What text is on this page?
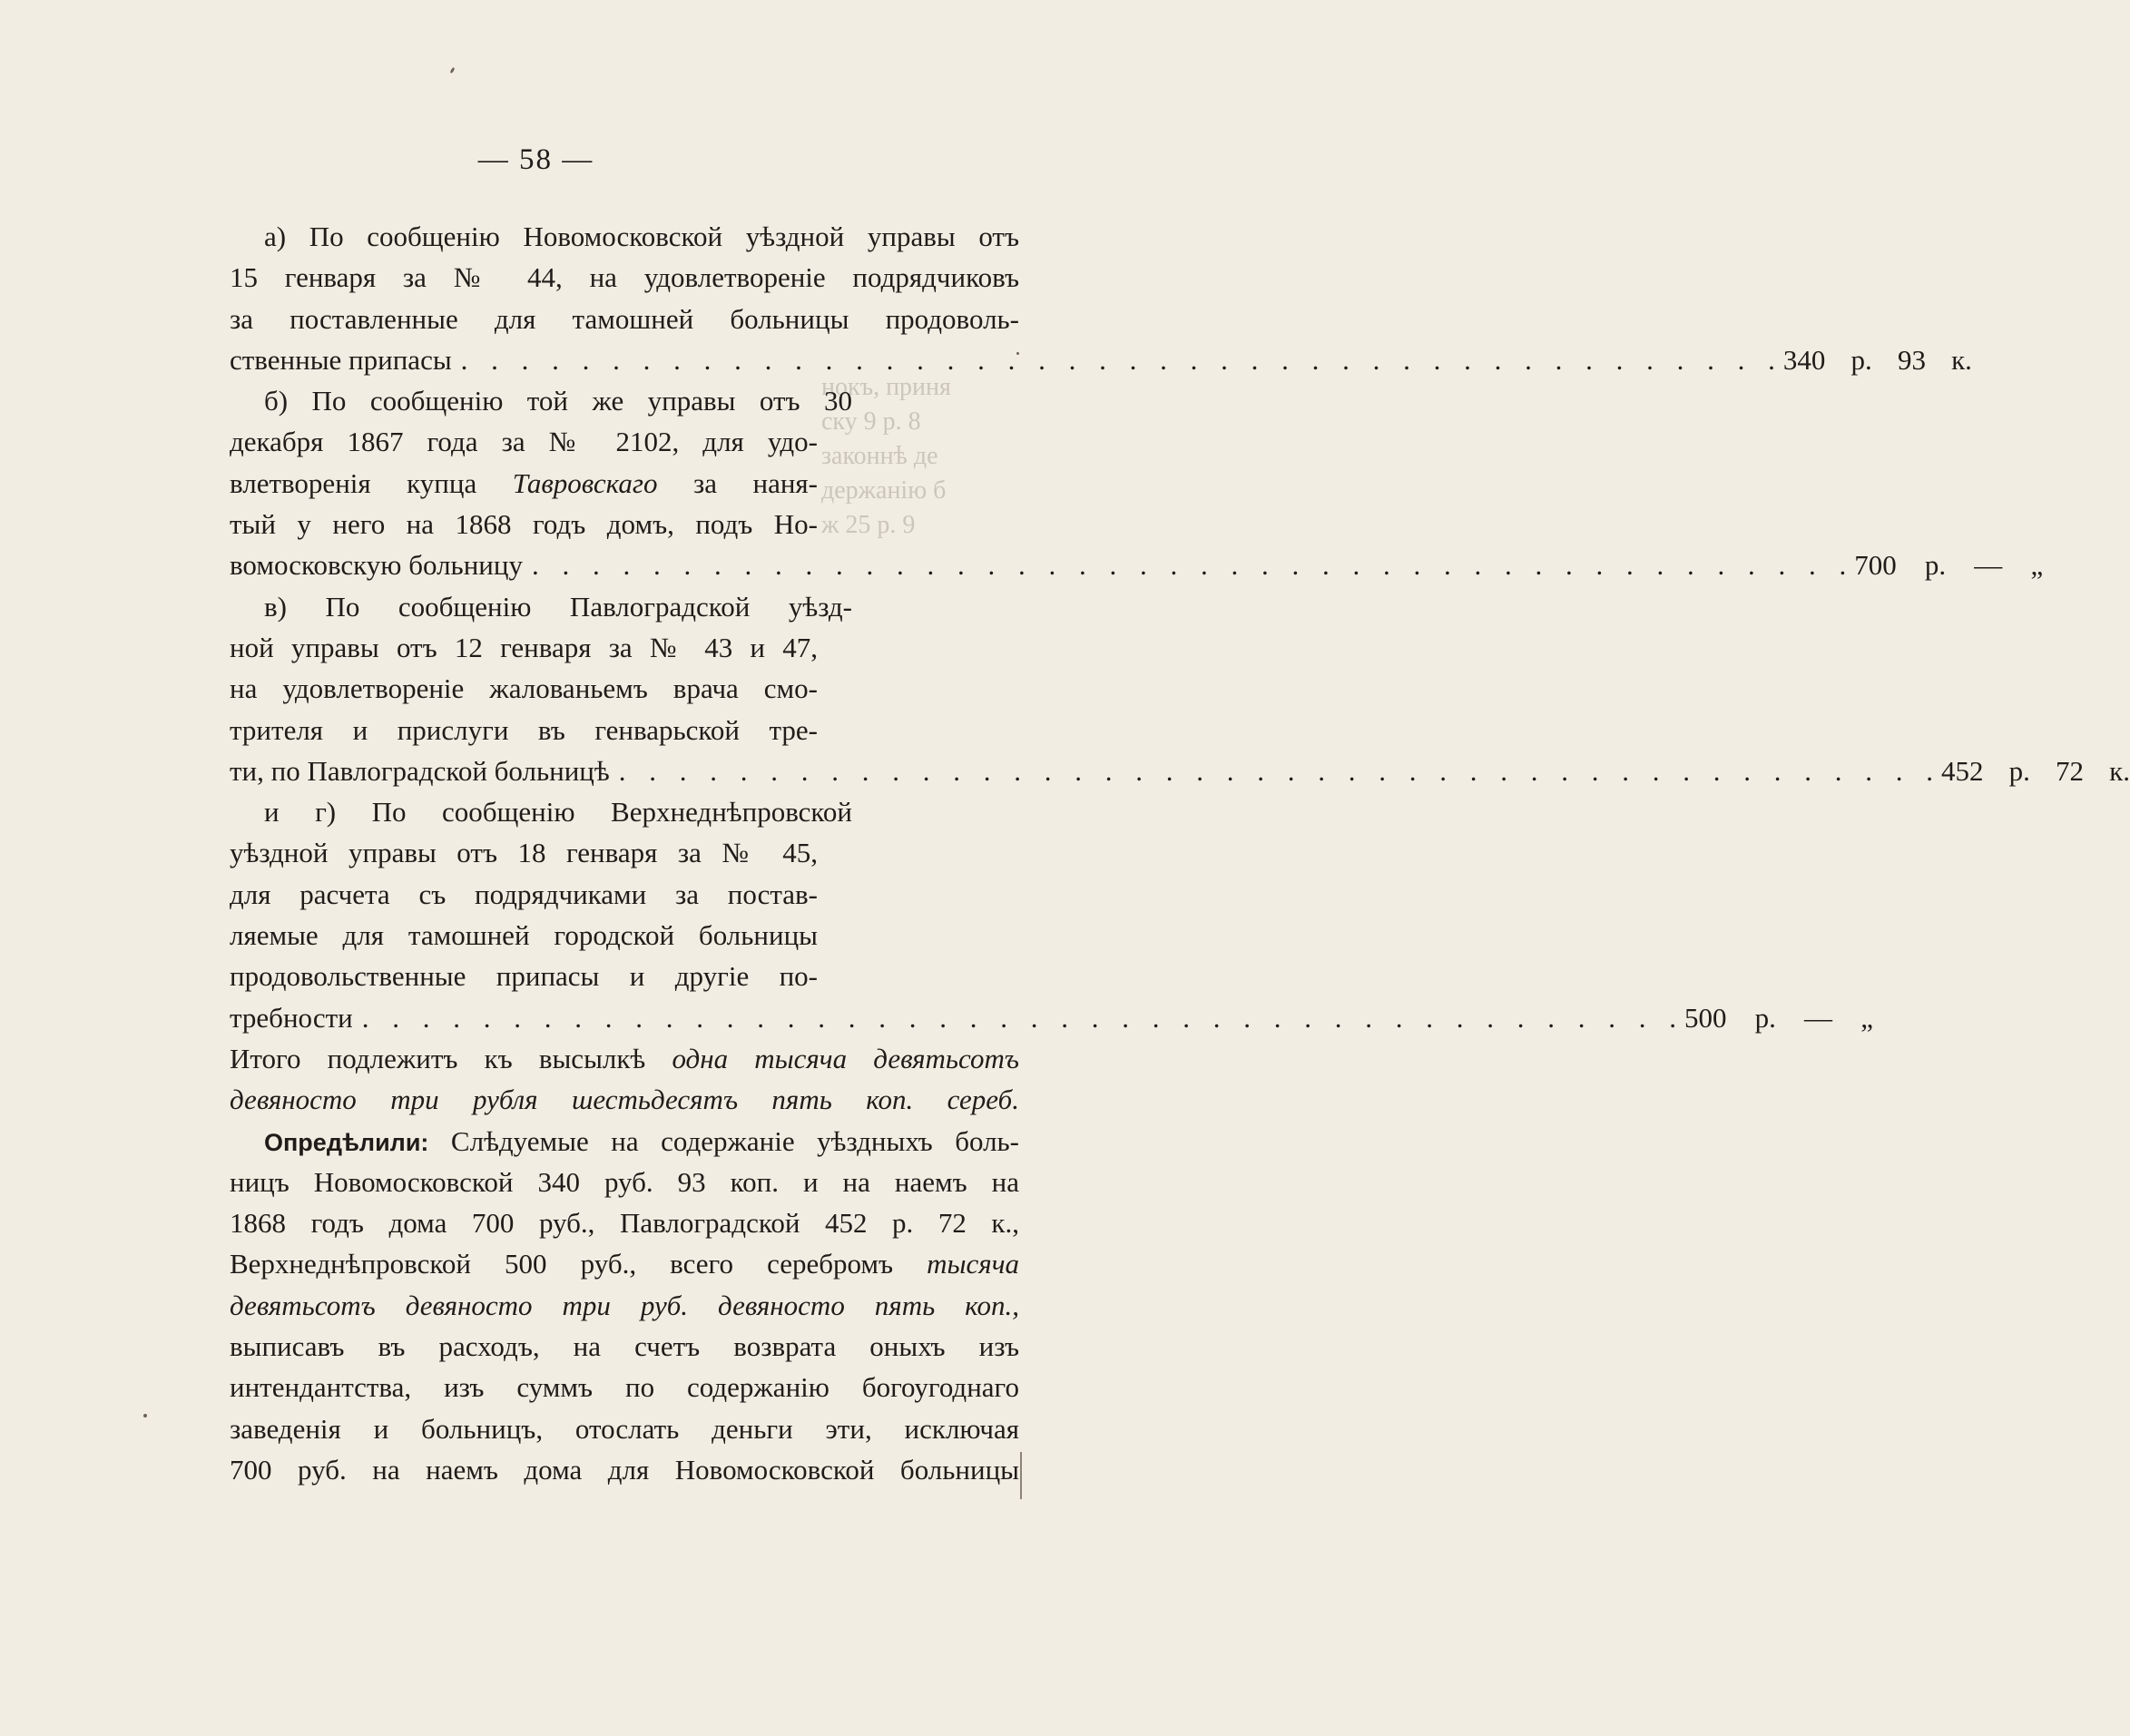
нокъ, приня
ску 9 р. 8
законнѣ де
держанію б
ж 25 р. 9
— 58 —
а) По сообщенію Новомосковской уѣздной управы отъ
15 генваря за № 44, на удовлетвореніе подрядчиковъ
за поставленные для тамошней больницы продоволь-
ственные припасы . . . . . . . . . . . . . . . . . . . . . . . . . . . . . . . . . . . . . . . . . . . . 340 р. 93 к.
б) По сообщенію той же управы отъ 30
декабря 1867 года за № 2102, для удо-
влетворенія купца Тавровскаго за наня-
тый у него на 1868 годъ домъ, подъ Но-
вомосковскую больницу . . . . . . . . . . . . . . . . . . . . . . . . . . . . . . . . . . . . . . . . . . . . 700 р. — „
в) По сообщенію Павлоградской уѣзд-
ной управы отъ 12 генваря за № 43 и 47,
на удовлетвореніе жалованьемъ врача смо-
трителя и прислуги въ генварьской тре-
ти, по Павлоградской больницѣ . . . . . . . . . . . . . . . . . . . . . . . . . . . . . . . . . . . . . . . . . . . . 452 р. 72 к.
и г) По сообщенію Верхнеднѣпровской
уѣздной управы отъ 18 генваря за № 45,
для расчета съ подрядчиками за постав-
ляемые для тамошней городской больницы
продовольственные припасы и другіе по-
требности . . . . . . . . . . . . . . . . . . . . . . . . . . . . . . . . . . . . . . . . . . . . 500 р. — „
Итого подлежитъ къ высылкѣ одна тысяча девятьсотъ
девяносто три рубля шестьдесятъ пять коп. сереб.
Опредѣлили: Слѣдуемые на содержаніе уѣздныхъ боль-
ницъ Новомосковской 340 руб. 93 коп. и на наемъ на
1868 годъ дома 700 руб., Павлоградской 452 р. 72 к.,
Верхнеднѣпровской 500 руб., всего серебромъ тысяча
девятьсотъ девяносто три руб. девяносто пять коп.,
выписавъ въ расходъ, на счетъ возврата оныхъ изъ
интендантства, изъ суммъ по содержанію богоугоднаго
заведенія и больницъ, отослать деньги эти, исключая
700 руб. на наемъ дома для Новомосковской больницы
